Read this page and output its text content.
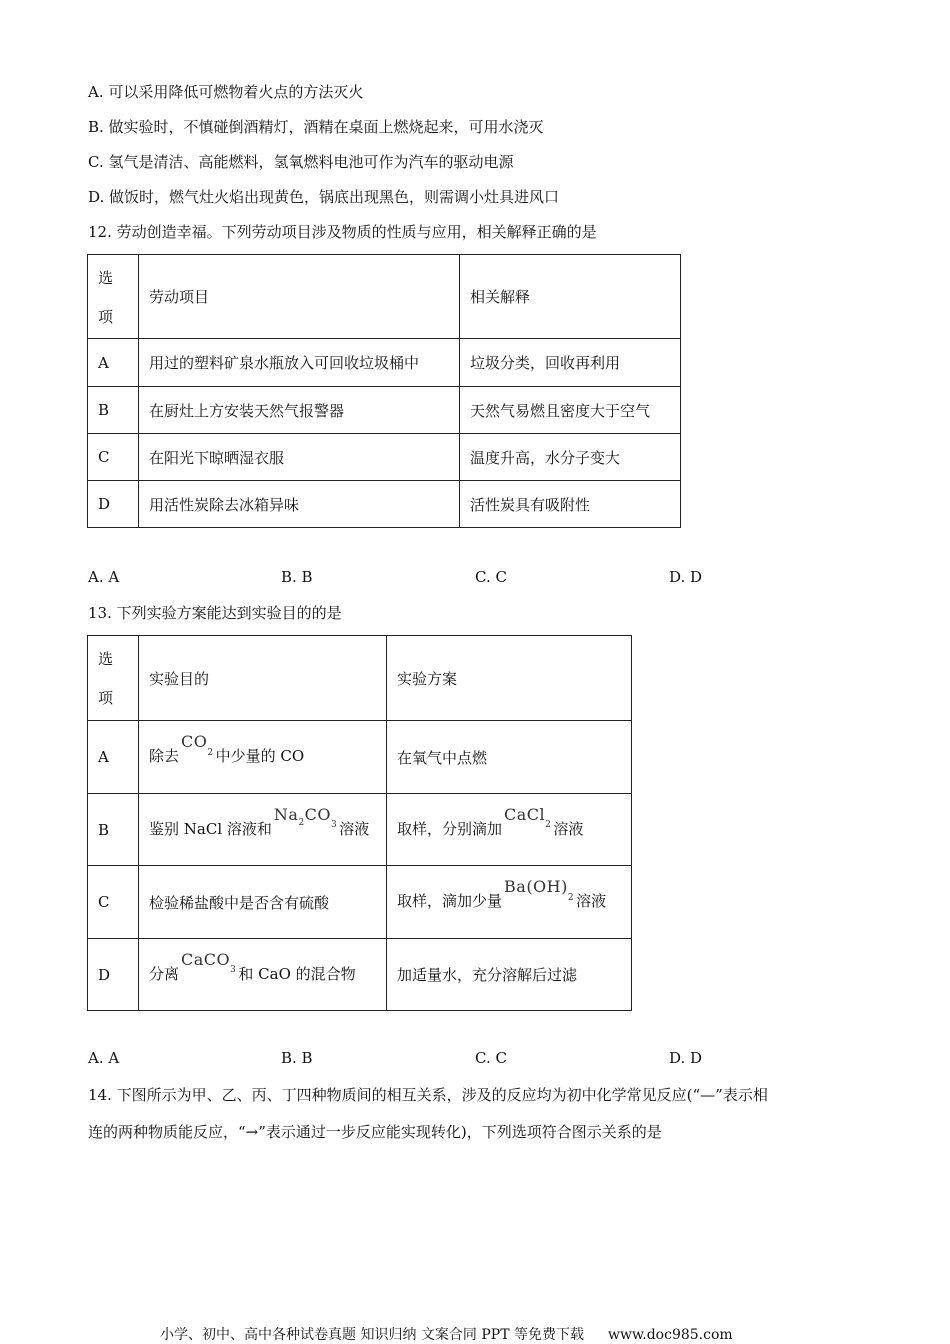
A. 可以采用降低可燃物着火点的方法灭火
B. 做实验时，不慎碰倒酒精灯，酒精在桌面上燃烧起来，可用水浇灭
C. 氢气是清洁、高能燃料，氢氧燃料电池可作为汽车的驱动电源
D. 做饭时，燃气灶火焰出现黄色，锅底出现黑色，则需调小灶具进风口
12. 劳动创造幸福。下列劳动项目涉及物质的性质与应用，相关解释正确的是
选
项	劳动项目	相关解释
A	用过的塑料矿泉水瓶放入可回收垃圾桶中	垃圾分类，回收再利用
B	在厨灶上方安装天然气报警器	天然气易燃且密度大于空气
C	在阳光下晾晒湿衣服	温度升高，水分子变大
D	用活性炭除去冰箱异味	活性炭具有吸附性
A. A	B. B	C. C	D. D
13. 下列实验方案能达到实验目的的是
选
项	实验目的	实验方案
A	除去$CO_2$ 中少量的 CO	在氧气中点燃
B	鉴别 NaCl 溶液和$Na_2CO_3$ 溶液	取样，分别滴加CaCl$_2$ 溶液
C	检验稀盐酸中是否含有硫酸	取样，滴加少量$Ba(OH)_2$ 溶液
D	分离CaCO$_3$ 和 CaO 的混合物	加适量水，充分溶解后过滤
A. A	B. B	C. C	D. D
14. 下图所示为甲、乙、丙、丁四种物质间的相互关系，涉及的反应均为初中化学常见反应(“—”表示相
连的两种物质能反应，“→”表示通过一步反应能实现转化)，下列选项符合图示关系的是
小学、初中、高中各种试卷真题 知识归纳 文案合同 PPT 等免费下载 www.doc985.com
